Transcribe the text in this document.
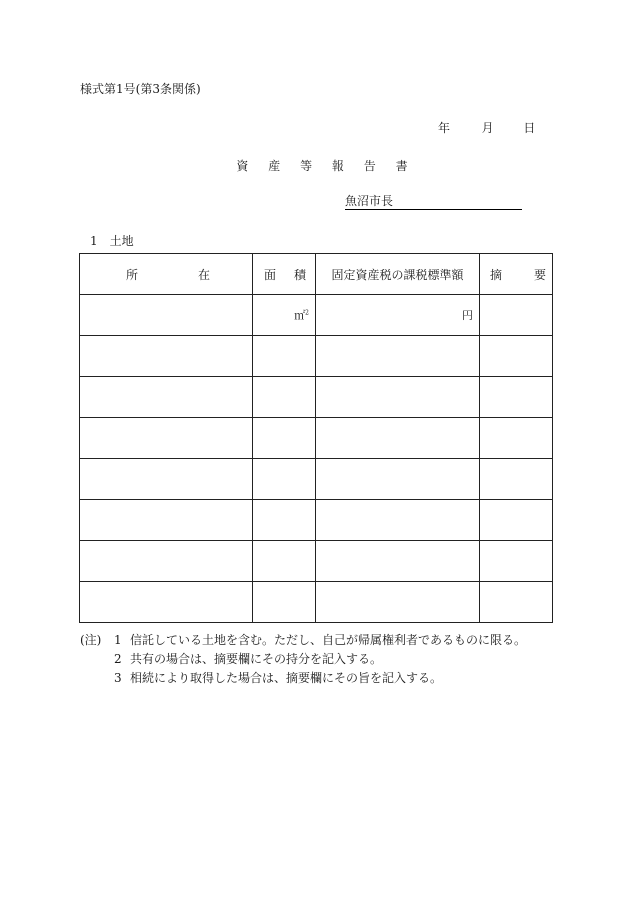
様式第1号(第3条関係)
年	月 日
資 産 等 報 告 書
魚沼市長
1　土地
所 在	面 積	固定資産税の課税標準額	摘 要

	㎡$^2$	円	

(注)	1 信託している土地を含む。ただし、自己が帰属権利者であるものに限る。
2 共有の場合は、摘要欄にその持分を記入する。
3 相続により取得した場合は、摘要欄にその旨を記入する。
